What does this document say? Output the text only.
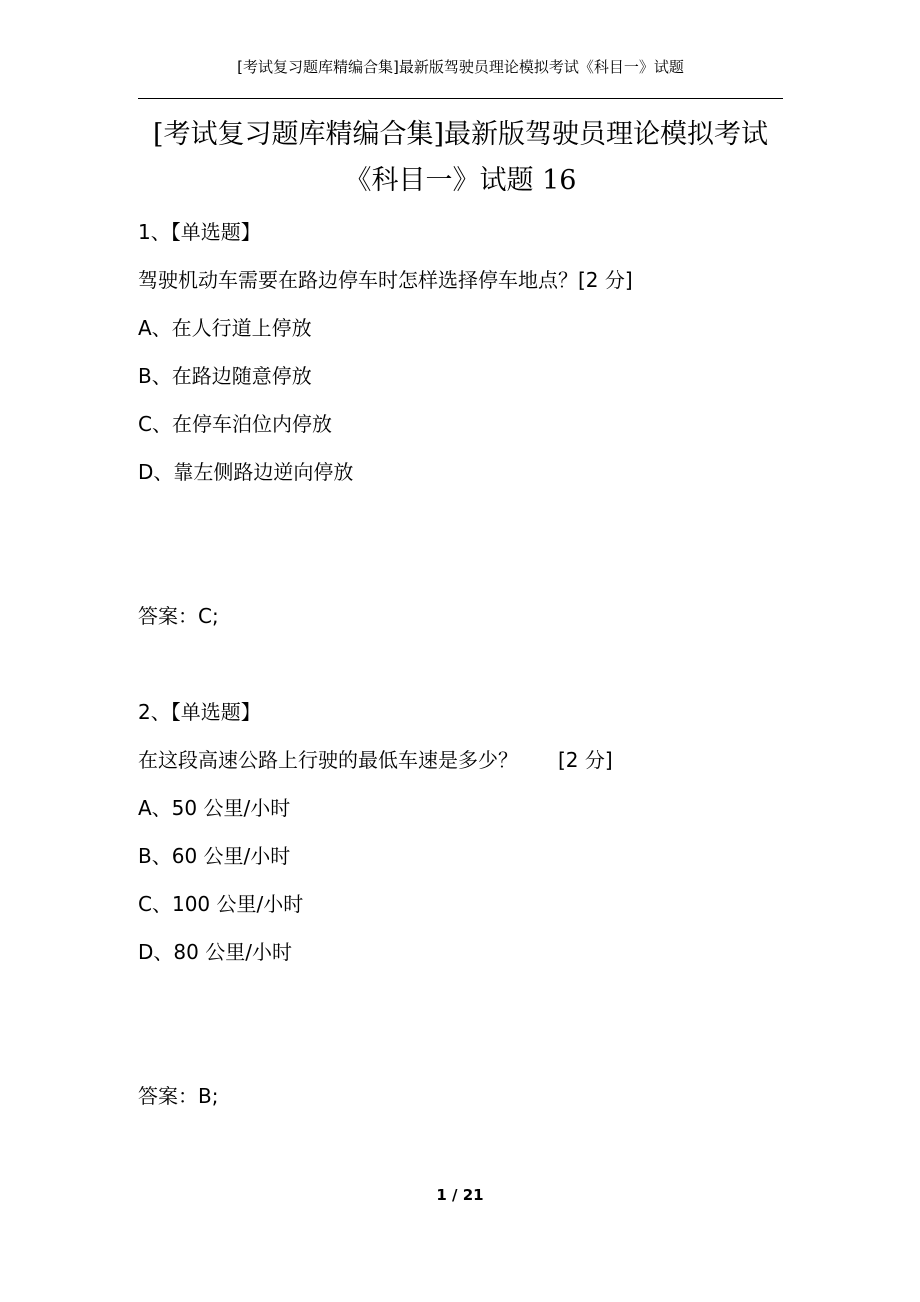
[考试复习题库精编合集]最新版驾驶员理论模拟考试《科目一》试题
[考试复习题库精编合集]最新版驾驶员理论模拟考试
《科目一》试题 16
1、【单选题】
驾驶机动车需要在路边停车时怎样选择停车地点？[2 分]
A、在人行道上停放
B、在路边随意停放
C、在停车泊位内停放
D、靠左侧路边逆向停放
答案：C;
2、【单选题】
在这段高速公路上行驶的最低车速是多少？　　[2 分]
A、50 公里/小时
B、60 公里/小时
C、100 公里/小时
D、80 公里/小时
答案：B;
1 / 21
